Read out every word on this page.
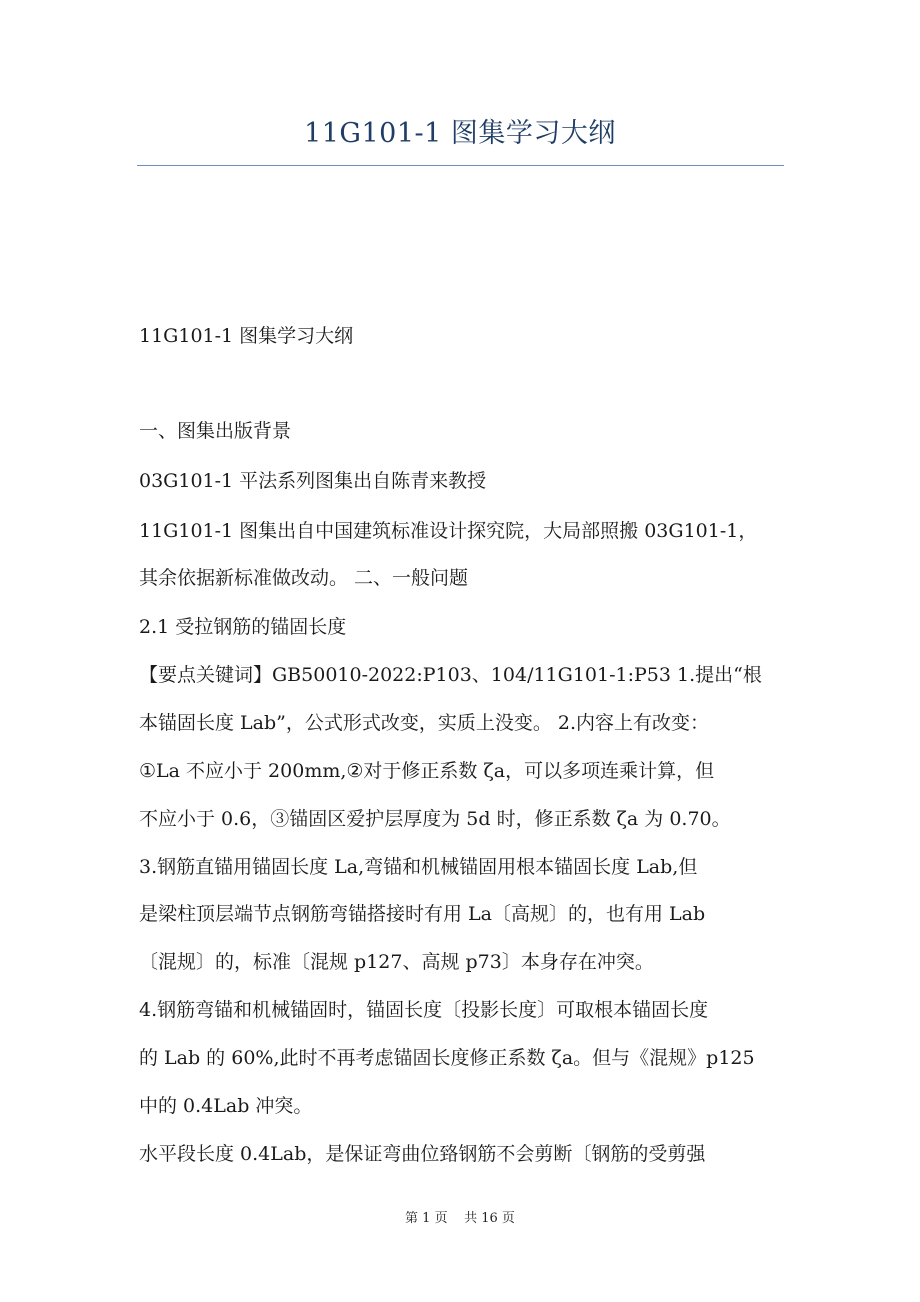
11G101-1 图集学习大纲

11G101-1 图集学习大纲

一、图集出版背景

03G101-1 平法系列图集出自陈青来教授

11G101-1 图集出自中国建筑标准设计探究院，大局部照搬 03G101-1，

其余依据新标准做改动。 二、一般问题

2.1 受拉钢筋的锚固长度

【要点关键词】GB50010-2022:P103、104/11G101-1:P53 1.提出“根

本锚固长度 Lab”，公式形式改变，实质上没变。 2.内容上有改变：

①La 不应小于 200mm,②对于修正系数 ζa，可以多项连乘计算，但

不应小于 0.6，③锚固区爱护层厚度为 5d 时，修正系数 ζa 为 0.70。

3.钢筋直锚用锚固长度 La,弯锚和机械锚固用根本锚固长度 Lab,但

是梁柱顶层端节点钢筋弯锚搭接时有用 La〔高规〕的，也有用 Lab

〔混规〕的，标准〔混规 p127、高规 p73〕本身存在冲突。

4.钢筋弯锚和机械锚固时，锚固长度〔投影长度〕可取根本锚固长度

的 Lab 的 60%,此时不再考虑锚固长度修正系数 ζa。但与《混规》p125

中的 0.4Lab 冲突。

水平段长度 0.4Lab，是保证弯曲位臵钢筋不会剪断〔钢筋的受剪强

第 1 页 共 16 页
